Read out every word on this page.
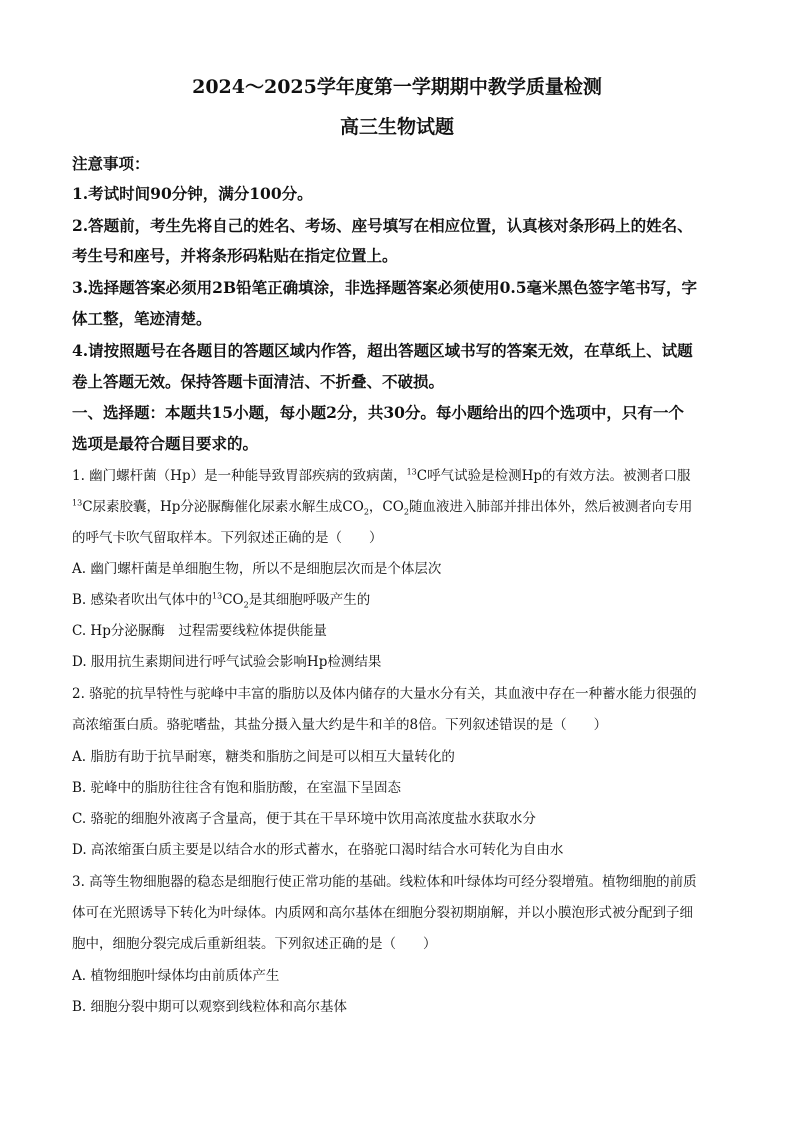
2024～2025学年度第一学期期中教学质量检测
高三生物试题
注意事项：
1.考试时间90分钟，满分100分。
2.答题前，考生先将自己的姓名、考场、座号填写在相应位置，认真核对条形码上的姓名、
考生号和座号，并将条形码粘贴在指定位置上。
3.选择题答案必须用2B铅笔正确填涂，非选择题答案必须使用0.5毫米黑色签字笔书写，字
体工整，笔迹清楚。
4.请按照题号在各题目的答题区域内作答，超出答题区域书写的答案无效，在草纸上、试题
卷上答题无效。保持答题卡面清洁、不折叠、不破损。
一、选择题：本题共15小题，每小题2分，共30分。每小题给出的四个选项中，只有一个
选项是最符合题目要求的。
1. 幽门螺杆菌（Hp）是一种能导致胃部疾病的致病菌，$^{13}$C呼气试验是检测Hp的有效方法。被测者口服
$^{13}$C尿素胶囊，Hp分泌脲酶催化尿素水解生成$CO_2$，$CO_2$随血液进入肺部并排出体外，然后被测者向专用
的呼气卡吹气留取样本。下列叙述正确的是（　　）
A. 幽门螺杆菌是单细胞生物，所以不是细胞层次而是个体层次
B. 感染者吹出气体中的$^{13}CO_2$是其细胞呼吸产生的
C. Hp分泌脲酶　过程需要线粒体提供能量
D. 服用抗生素期间进行呼气试验会影响Hp检测结果
2. 骆驼的抗旱特性与驼峰中丰富的脂肪以及体内储存的大量水分有关，其血液中存在一种蓄水能力很强的
高浓缩蛋白质。骆驼嗜盐，其盐分摄入量大约是牛和羊的8倍。下列叙述错误的是（　　）
A. 脂肪有助于抗旱耐寒，糖类和脂肪之间是可以相互大量转化的
B. 驼峰中的脂肪往往含有饱和脂肪酸，在室温下呈固态
C. 骆驼的细胞外液离子含量高，便于其在干旱环境中饮用高浓度盐水获取水分
D. 高浓缩蛋白质主要是以结合水的形式蓄水，在骆驼口渴时结合水可转化为自由水
3. 高等生物细胞器的稳态是细胞行使正常功能的基础。线粒体和叶绿体均可经分裂增殖。植物细胞的前质
体可在光照诱导下转化为叶绿体。内质网和高尔基体在细胞分裂初期崩解，并以小膜泡形式被分配到子细
胞中，细胞分裂完成后重新组装。下列叙述正确的是（　　）
A. 植物细胞叶绿体均由前质体产生
B. 细胞分裂中期可以观察到线粒体和高尔基体
